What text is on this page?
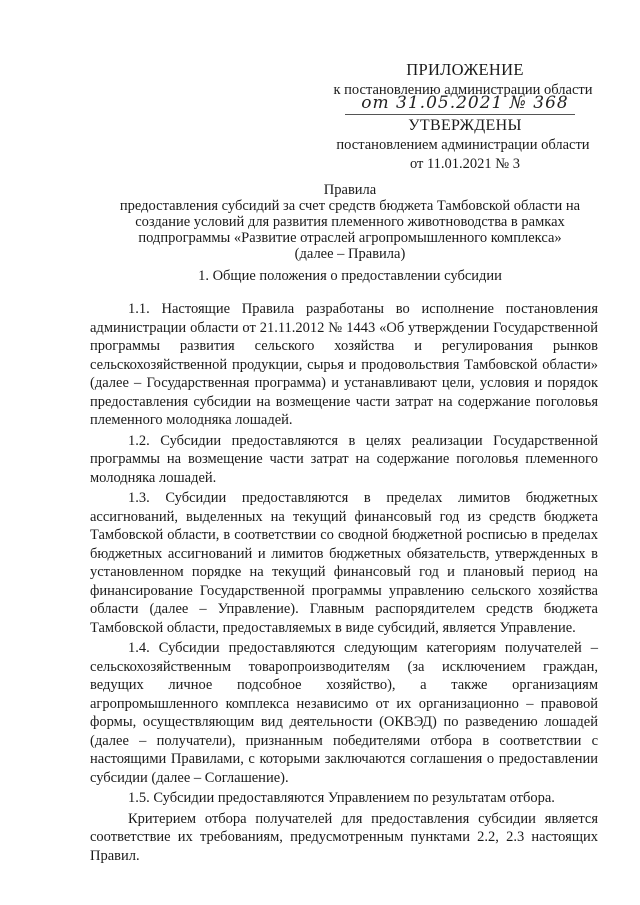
ПРИЛОЖЕНИЕ
к постановлению администрации области
от 31.05.2021 № 368
УТВЕРЖДЕНЫ
постановлением администрации области
от 11.01.2021 № 3
Правила
предоставления субсидий за счет средств бюджета Тамбовской области на
создание условий для развития племенного животноводства в рамках
подпрограммы «Развитие отраслей агропромышленного комплекса»
(далее – Правила)
1. Общие положения о предоставлении субсидии

1.1. Настоящие Правила разработаны во исполнение постановления администрации области от 21.11.2012 № 1443 «Об утверждении Государственной программы развития сельского хозяйства и регулирования рынков сельскохозяйственной продукции, сырья и продовольствия Тамбовской области» (далее – Государственная программа) и устанавливают цели, условия и порядок предоставления субсидии на возмещение части затрат на содержание поголовья племенного молодняка лошадей.

1.2. Субсидии предоставляются в целях реализации Государственной программы на возмещение части затрат на содержание поголовья племенного молодняка лошадей.

1.3. Субсидии предоставляются в пределах лимитов бюджетных ассигнований, выделенных на текущий финансовый год из средств бюджета Тамбовской области, в соответствии со сводной бюджетной росписью в пределах бюджетных ассигнований и лимитов бюджетных обязательств, утвержденных в установленном порядке на текущий финансовый год и плановый период на финансирование Государственной программы управлению сельского хозяйства области (далее – Управление). Главным распорядителем средств бюджета Тамбовской области, предоставляемых в виде субсидий, является Управление.

1.4. Субсидии предоставляются следующим категориям получателей – сельскохозяйственным товаропроизводителям (за исключением граждан, ведущих личное подсобное хозяйство), а также организациям агропромышленного комплекса независимо от их организационно – правовой формы, осуществляющим вид деятельности (ОКВЭД) по разведению лошадей (далее – получатели), признанным победителями отбора в соответствии с настоящими Правилами, с которыми заключаются соглашения о предоставлении субсидии (далее – Соглашение).

1.5. Субсидии предоставляются Управлением по результатам отбора.

Критерием отбора получателей для предоставления субсидии является соответствие их требованиям, предусмотренным пунктами 2.2, 2.3 настоящих Правил.
